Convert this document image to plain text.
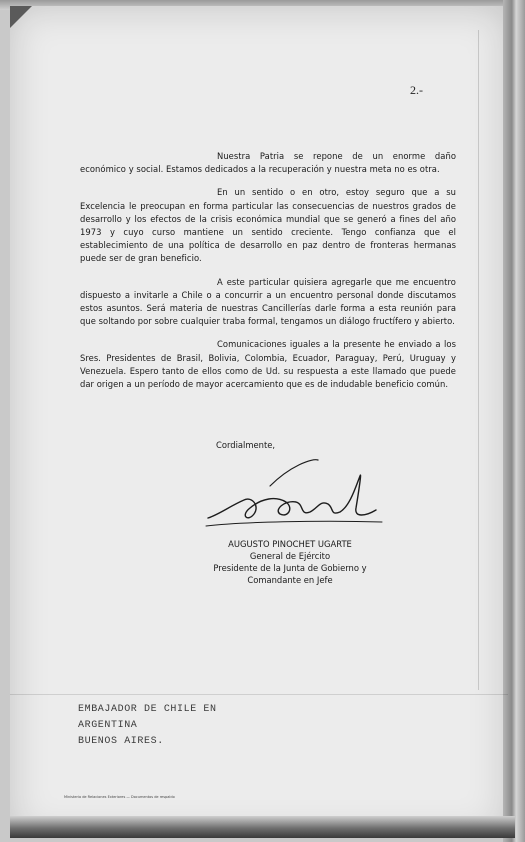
2.-

Nuestra Patria se repone de un enorme daño económico y social. Estamos dedicados a la recuperación y nuestra meta no es otra.

En un sentido o en otro, estoy seguro que a su Excelencia le preocupan en forma particular las consecuencias de nuestros grados de desarrollo y los efectos de la crisis económica mundial que se generó a fines del año 1973 y cuyo curso mantiene un sentido creciente. Tengo confianza que el establecimiento de una política de desarrollo en paz dentro de fronteras hermanas puede ser de gran beneficio.

A este particular quisiera agregarle que me encuentro dispuesto a invitarle a Chile o a concurrir a un encuentro personal donde discutamos estos asuntos. Será materia de nuestras Cancillerías darle forma a esta reunión para que soltando por sobre cualquier traba formal, tengamos un diálogo fructífero y abierto.

Comunicaciones iguales a la presente he enviado a los Sres. Presidentes de Brasil, Bolivia, Colombia, Ecuador, Paraguay, Perú, Uruguay y Venezuela. Espero tanto de ellos como de Ud. su respuesta a este llamado que puede dar origen a un período de mayor acercamiento que es de indudable beneficio común.

Cordialmente,
AUGUSTO PINOCHET UGARTE
General de Ejército
Presidente de la Junta de Gobierno y
Comandante en Jefe
EMBAJADOR DE CHILE EN
ARGENTINA
BUENOS AIRES.
Ministerio de Relaciones Exteriores — Documentos de respaldo
